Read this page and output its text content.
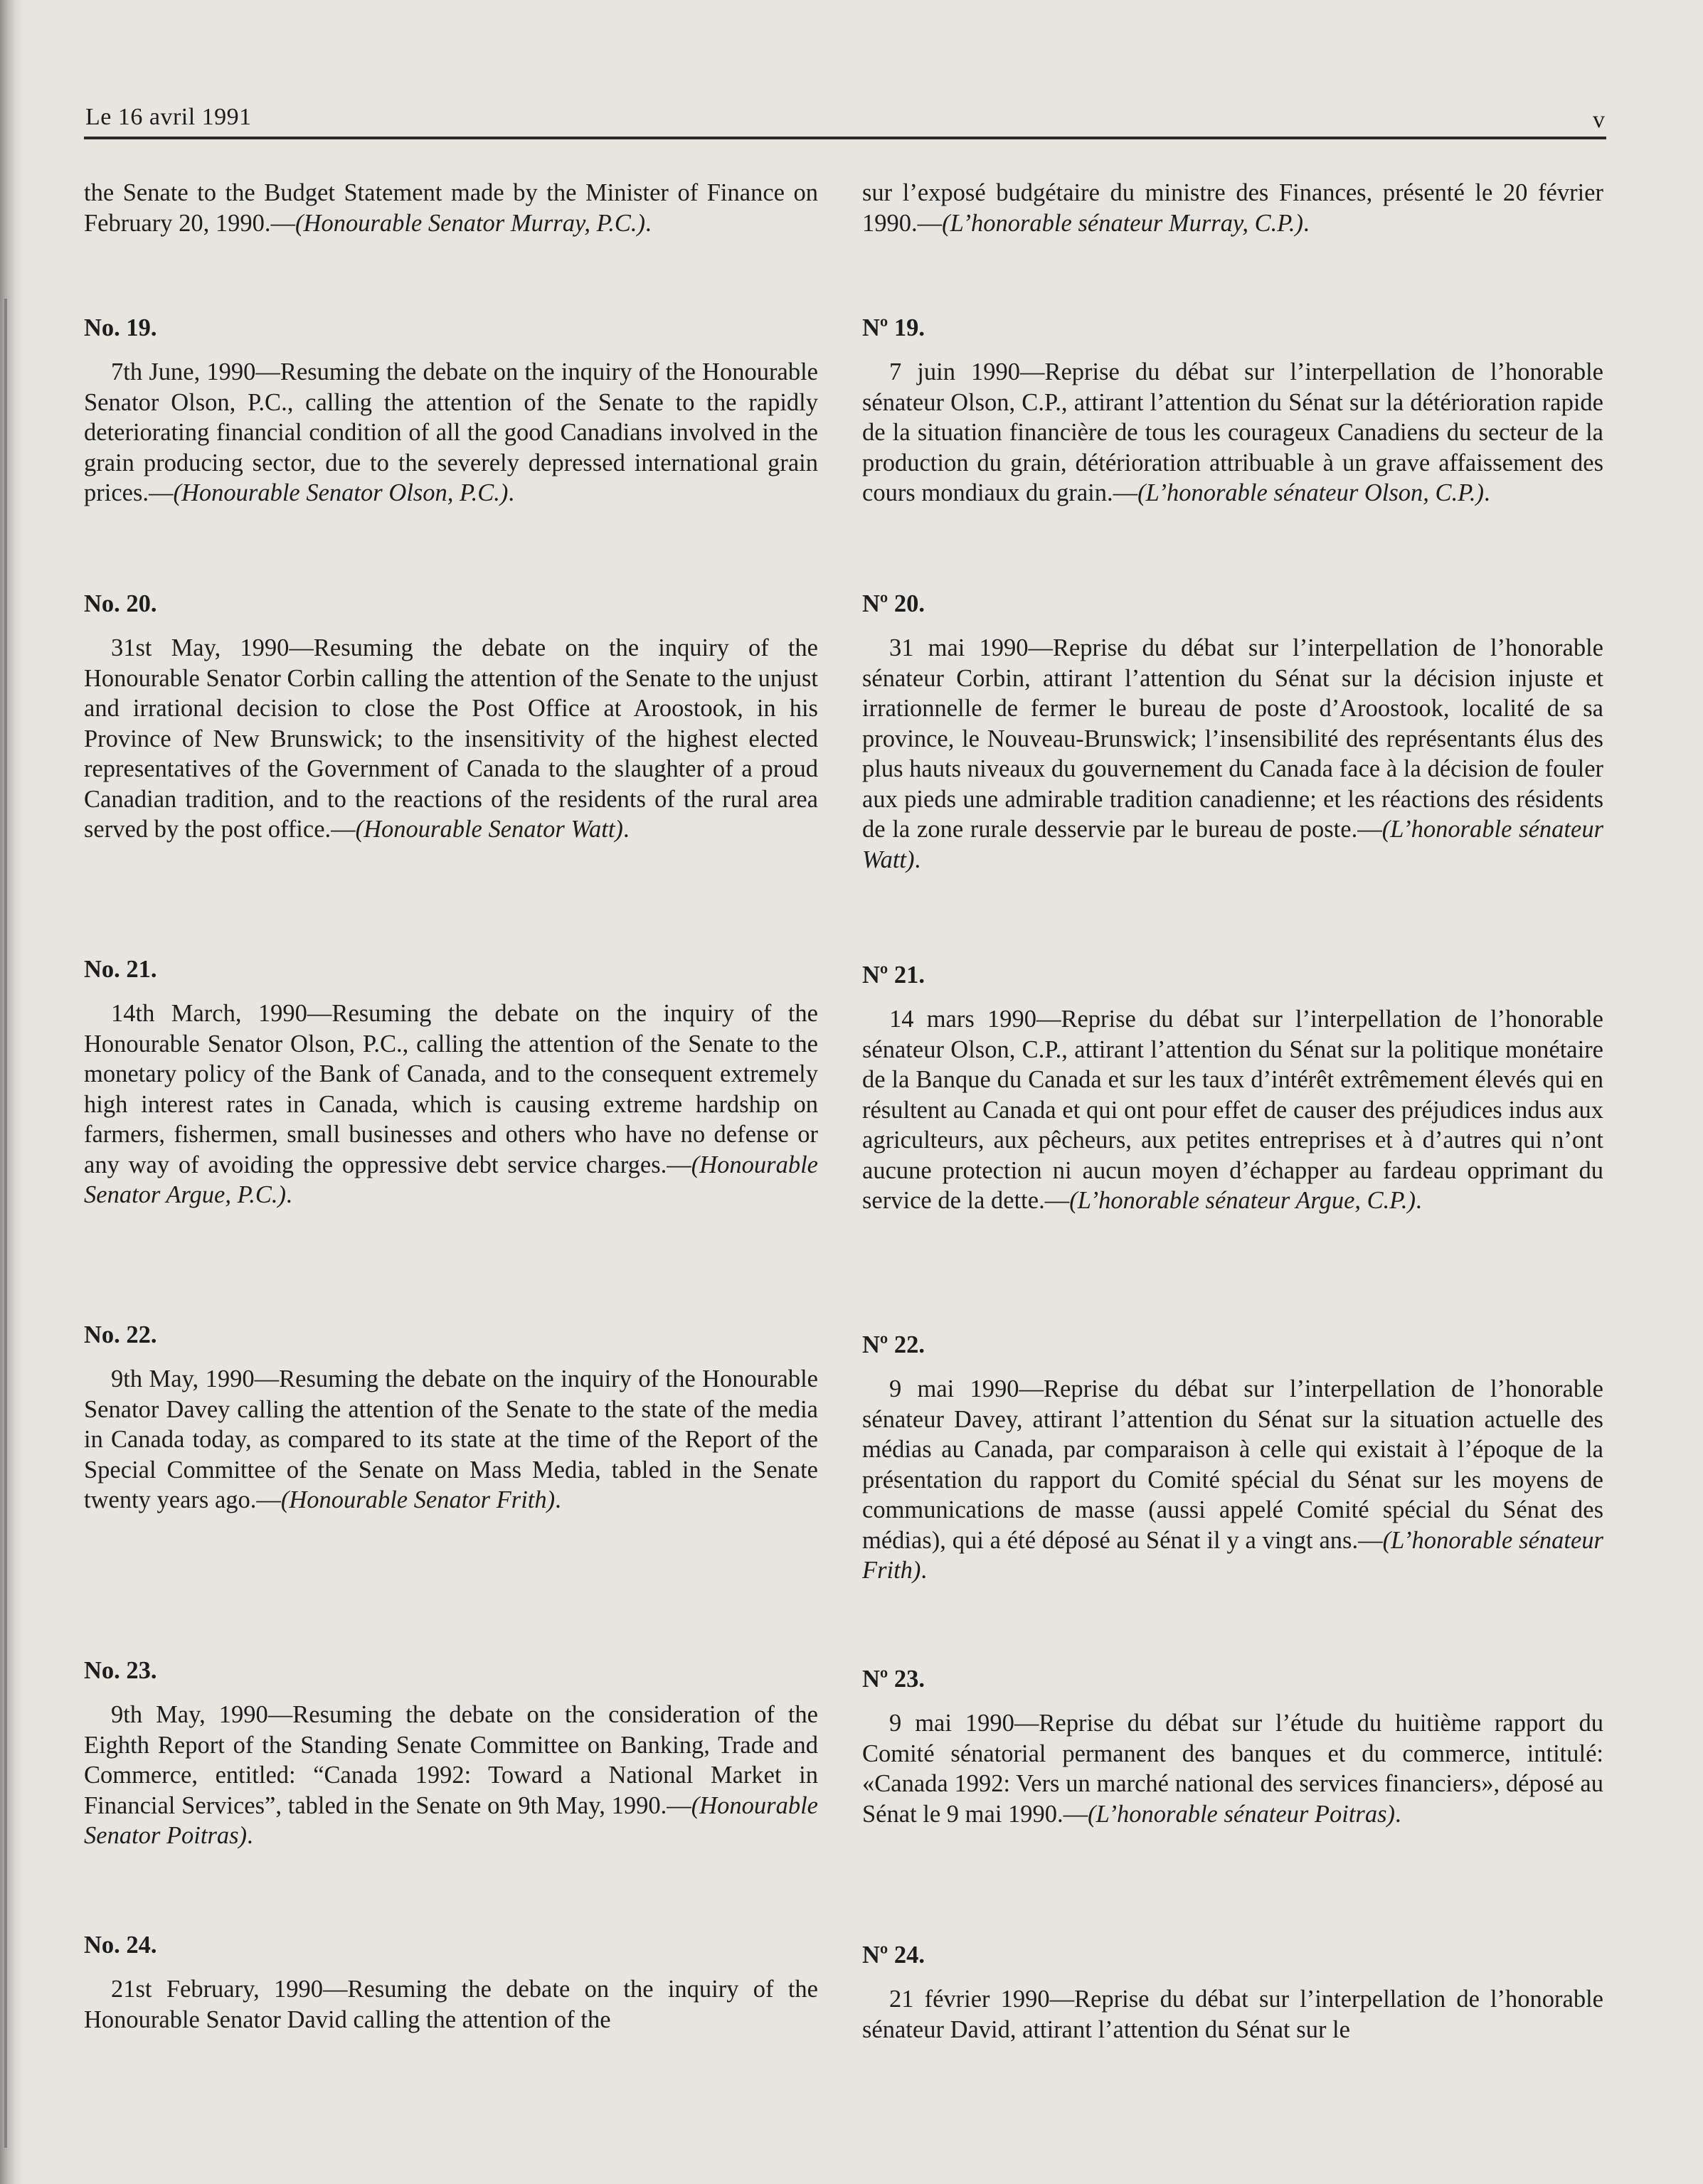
Le 16 avril 1991	v

the Senate to the Budget Statement made by the Minister of Finance on February 20, 1990.—(Honourable Senator Murray, P.C.).

No. 19.

7th June, 1990—Resuming the debate on the inquiry of the Honourable Senator Olson, P.C., calling the attention of the Senate to the rapidly deteriorating financial condition of all the good Canadians involved in the grain producing sector, due to the severely depressed international grain prices.—(Honourable Senator Olson, P.C.).

No. 20.

31st May, 1990—Resuming the debate on the inquiry of the Honourable Senator Corbin calling the attention of the Senate to the unjust and irrational decision to close the Post Office at Aroostook, in his Province of New Brunswick; to the insensitivity of the highest elected representatives of the Government of Canada to the slaughter of a proud Canadian tradition, and to the reactions of the residents of the rural area served by the post office.—(Honourable Senator Watt).

No. 21.

14th March, 1990—Resuming the debate on the inquiry of the Honourable Senator Olson, P.C., calling the attention of the Senate to the monetary policy of the Bank of Canada, and to the consequent extremely high interest rates in Canada, which is causing extreme hardship on farmers, fishermen, small businesses and others who have no defense or any way of avoiding the oppressive debt service charges.—(Honourable Senator Argue, P.C.).

No. 22.

9th May, 1990—Resuming the debate on the inquiry of the Honourable Senator Davey calling the attention of the Senate to the state of the media in Canada today, as compared to its state at the time of the Report of the Special Committee of the Senate on Mass Media, tabled in the Senate twenty years ago.—(Honourable Senator Frith).

No. 23.

9th May, 1990—Resuming the debate on the consideration of the Eighth Report of the Standing Senate Committee on Banking, Trade and Commerce, entitled: “Canada 1992: Toward a National Market in Financial Services”, tabled in the Senate on 9th May, 1990.—(Honourable Senator Poitras).

No. 24.

21st February, 1990—Resuming the debate on the inquiry of the Honourable Senator David calling the attention of the

sur l’exposé budgétaire du ministre des Finances, présenté le 20 février 1990.—(L’honorable sénateur Murray, C.P.).

Nº 19.

7 juin 1990—Reprise du débat sur l’interpellation de l’honorable sénateur Olson, C.P., attirant l’attention du Sénat sur la détérioration rapide de la situation financière de tous les courageux Canadiens du secteur de la production du grain, détérioration attribuable à un grave affaissement des cours mondiaux du grain.—(L’honorable sénateur Olson, C.P.).

Nº 20.

31 mai 1990—Reprise du débat sur l’interpellation de l’honorable sénateur Corbin, attirant l’attention du Sénat sur la décision injuste et irrationnelle de fermer le bureau de poste d’Aroostook, localité de sa province, le Nouveau-Brunswick; l’insensibilité des représentants élus des plus hauts niveaux du gouvernement du Canada face à la décision de fouler aux pieds une admirable tradition canadienne; et les réactions des résidents de la zone rurale desservie par le bureau de poste.—(L’honorable sénateur Watt).

Nº 21.

14 mars 1990—Reprise du débat sur l’interpellation de l’honorable sénateur Olson, C.P., attirant l’attention du Sénat sur la politique monétaire de la Banque du Canada et sur les taux d’intérêt extrêmement élevés qui en résultent au Canada et qui ont pour effet de causer des préjudices indus aux agriculteurs, aux pêcheurs, aux petites entreprises et à d’autres qui n’ont aucune protection ni aucun moyen d’échapper au fardeau opprimant du service de la dette.—(L’honorable sénateur Argue, C.P.).

Nº 22.

9 mai 1990—Reprise du débat sur l’interpellation de l’honorable sénateur Davey, attirant l’attention du Sénat sur la situation actuelle des médias au Canada, par comparaison à celle qui existait à l’époque de la présentation du rapport du Comité spécial du Sénat sur les moyens de communications de masse (aussi appelé Comité spécial du Sénat des médias), qui a été déposé au Sénat il y a vingt ans.—(L’honorable sénateur Frith).

Nº 23.

9 mai 1990—Reprise du débat sur l’étude du huitième rapport du Comité sénatorial permanent des banques et du commerce, intitulé: «Canada 1992: Vers un marché national des services financiers», déposé au Sénat le 9 mai 1990.—(L’honorable sénateur Poitras).

Nº 24.

21 février 1990—Reprise du débat sur l’interpellation de l’honorable sénateur David, attirant l’attention du Sénat sur le
